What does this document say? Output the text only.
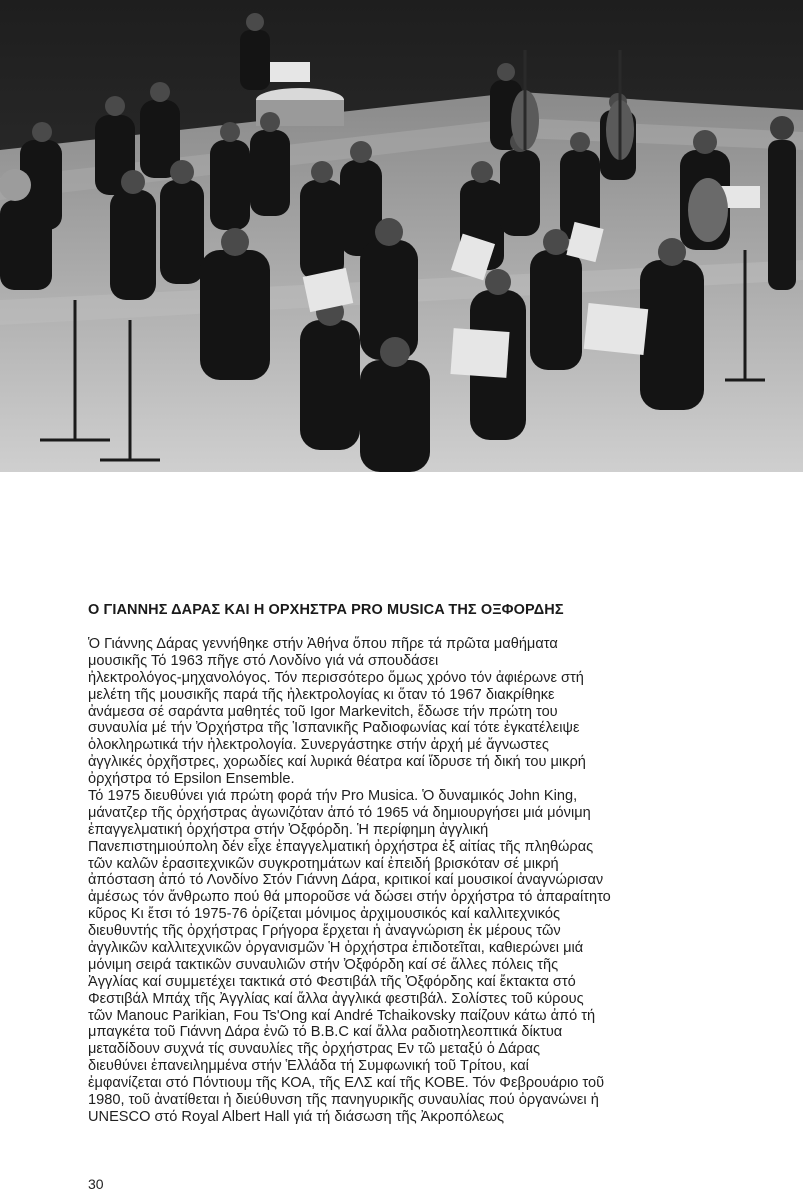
Ο ΓΙΑΝΝΗΣ ΔΑΡΑΣ ΚΑΙ Η ΟΡΧΗΣΤΡΑ PRO MUSICA ΤΗΣ ΟΞΦΟΡΔΗΣ
Ὁ Γιάννης Δάρας γεννήθηκε στήν Ἀθήνα ὅπου πῆρε τά πρῶτα μαθήματα
μουσικῆς Τό 1963 πῆγε στό Λονδίνο γιά νά σπουδάσει
ἠλεκτρολόγος-μηχανολόγος. Τόν περισσότερο ὅμως χρόνο τόν ἀφιέρωνε στή
μελέτη τῆς μουσικῆς παρά τῆς ἠλεκτρολογίας κι ὅταν τό 1967 διακρίθηκε
ἀνάμεσα σέ σαράντα μαθητές τοῦ Igor Markevitch, ἔδωσε τήν πρώτη του
συναυλία μέ τήν Ὀρχήστρα τῆς Ἱσπανικῆς Ραδιοφωνίας καί τότε ἐγκατέλειψε
ὁλοκληρωτικά τήν ἠλεκτρολογία. Συνεργάστηκε στήν ἀρχή μέ ἄγνωστες
ἀγγλικές ὀρχῆστρες, χορωδίες καί λυρικά θέατρα καί ἵδρυσε τή δική του μικρή
ὀρχήστρα τό Epsilon Ensemble.
Τό 1975 διευθύνει γιά πρώτη φορά τήν Pro Musica. Ὁ δυναμικός John King,
μάνατζερ τῆς ὀρχήστρας ἀγωνιζόταν ἀπό τό 1965 νά δημιουργήσει μιά μόνιμη
ἐπαγγελματική ὀρχήστρα στήν Ὀξφόρδη. Ἡ περίφημη ἀγγλική
Πανεπιστημιούπολη δέν εἶχε ἐπαγγελματική ὀρχήστρα ἐξ αἰτίας τῆς πληθώρας
τῶν καλῶν ἐρασιτεχνικῶν συγκροτημάτων καί ἐπειδή βρισκόταν σέ μικρή
ἀπόσταση ἀπό τό Λονδίνο Στόν Γιάννη Δάρα, κριτικοί καί μουσικοί ἀναγνώρισαν
ἀμέσως τόν ἄνθρωπο πού θά μποροῦσε νά δώσει στήν ὀρχήστρα τό ἀπαραίτητο
κῦρος Κι ἔτσι τό 1975-76 ὁρίζεται μόνιμος ἀρχιμουσικός καί καλλιτεχνικός
διευθυντής τῆς ὀρχήστρας Γρήγορα ἔρχεται ἡ ἀναγνώριση ἐκ μέρους τῶν
ἀγγλικῶν καλλιτεχνικῶν ὀργανισμῶν Ἡ ὀρχήστρα ἐπιδοτεῖται, καθιερώνει μιά
μόνιμη σειρά τακτικῶν συναυλιῶν στήν Ὀξφόρδη καί σέ ἄλλες πόλεις τῆς
Ἀγγλίας καί συμμετέχει τακτικά στό Φεστιβάλ τῆς Ὀξφόρδης καί ἔκτακτα στό
Φεστιβάλ Μπάχ τῆς Ἀγγλίας καί ἄλλα ἀγγλικά φεστιβάλ. Σολίστες τοῦ κύρους
τῶν Manouc Parikian, Fou Ts'Ong καί André Tchaikovsky παίζουν κάτω ἀπό τή
μπαγκέτα τοῦ Γιάννη Δάρα ἐνῶ τό B.B.C καί ἄλλα ραδιοτηλεοπτικά δίκτυα
μεταδίδουν συχνά τίς συναυλίες τῆς ὀρχήστρας Εν τῶ μεταξύ ὁ Δάρας
διευθύνει ἐπανειλημμένα στήν Ἑλλάδα τή Συμφωνική τοῦ Τρίτου, καί
ἐμφανίζεται στό Πόντιουμ τῆς ΚΟΑ, τῆς ΕΛΣ καί τῆς ΚΟΒΕ. Τόν Φεβρουάριο τοῦ
1980, τοῦ ἀνατίθεται ἡ διεύθυνση τῆς πανηγυρικῆς συναυλίας πού ὀργανώνει ἡ
UNESCO στό Royal Albert Hall γιά τή διάσωση τῆς Ἀκροπόλεως
30
